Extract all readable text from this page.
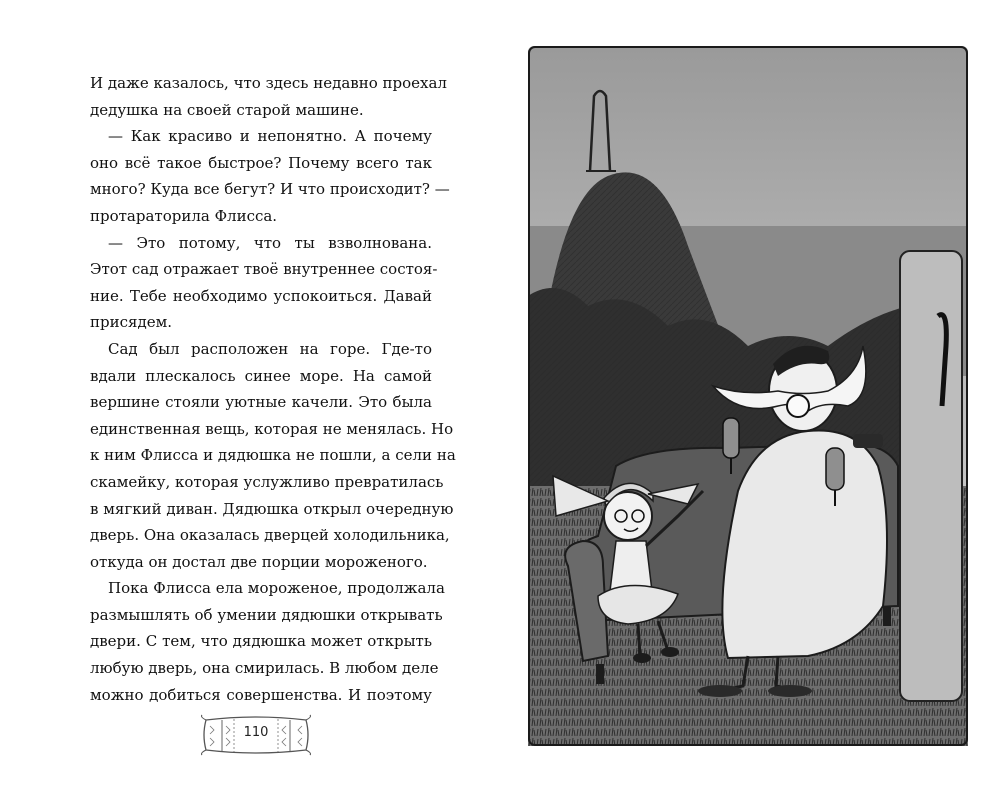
И даже казалось, что здесь недавно проехал
дедушка на своей старой машине.

— Как красиво и непонятно. А почему
оно всё такое быстрое? Почему всего так
много? Куда все бегут? И что происходит? —
протараторила Флисса.

— Это потому, что ты взволнована.
Этот сад отражает твоё внутреннее состоя-
ние. Тебе необходимо успокоиться. Давай
присядем.

Сад был расположен на горе. Где-то
вдали плескалось синее море. На самой
вершине стояли уютные качели. Это была
единственная вещь, которая не менялась. Но
к ним Флисса и дядюшка не пошли, а сели на
скамейку, которая услужливо превратилась
в мягкий диван. Дядюшка открыл очередную
дверь. Она оказалась дверцей холодильника,
откуда он достал две порции мороженого.

Пока Флисса ела мороженое, продолжала
размышлять об умении дядюшки открывать
двери. С тем, что дядюшка может открыть
любую дверь, она смирилась. В любом деле
можно добиться совершенства. И поэтому

110
